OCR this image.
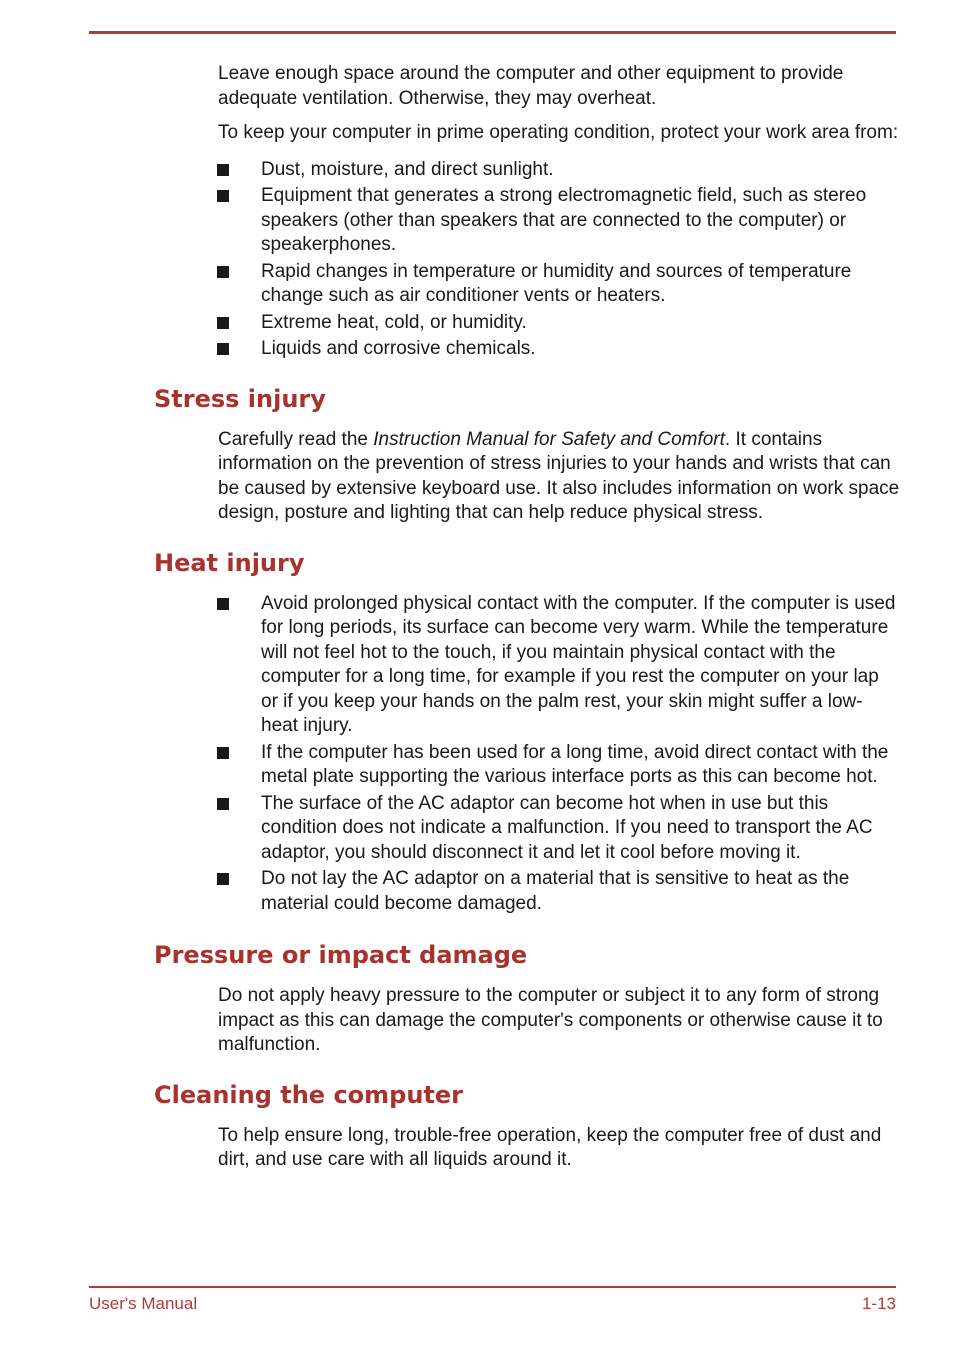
Leave enough space around the computer and other equipment to provide adequate ventilation. Otherwise, they may overheat.

To keep your computer in prime operating condition, protect your work area from:

Dust, moisture, and direct sunlight.
Equipment that generates a strong electromagnetic field, such as stereo speakers (other than speakers that are connected to the computer) or speakerphones.
Rapid changes in temperature or humidity and sources of temperature change such as air conditioner vents or heaters.
Extreme heat, cold, or humidity.
Liquids and corrosive chemicals.
Stress injury

Carefully read the Instruction Manual for Safety and Comfort. It contains information on the prevention of stress injuries to your hands and wrists that can be caused by extensive keyboard use. It also includes information on work space design, posture and lighting that can help reduce physical stress.

Heat injury
Avoid prolonged physical contact with the computer. If the computer is used for long periods, its surface can become very warm. While the temperature will not feel hot to the touch, if you maintain physical contact with the computer for a long time, for example if you rest the computer on your lap or if you keep your hands on the palm rest, your skin might suffer a low-heat injury.
If the computer has been used for a long time, avoid direct contact with the metal plate supporting the various interface ports as this can become hot.
The surface of the AC adaptor can become hot when in use but this condition does not indicate a malfunction. If you need to transport the AC adaptor, you should disconnect it and let it cool before moving it.
Do not lay the AC adaptor on a material that is sensitive to heat as the material could become damaged.
Pressure or impact damage

Do not apply heavy pressure to the computer or subject it to any form of strong impact as this can damage the computer's components or otherwise cause it to malfunction.

Cleaning the computer

To help ensure long, trouble-free operation, keep the computer free of dust and dirt, and use care with all liquids around it.

User's Manual	1-13
